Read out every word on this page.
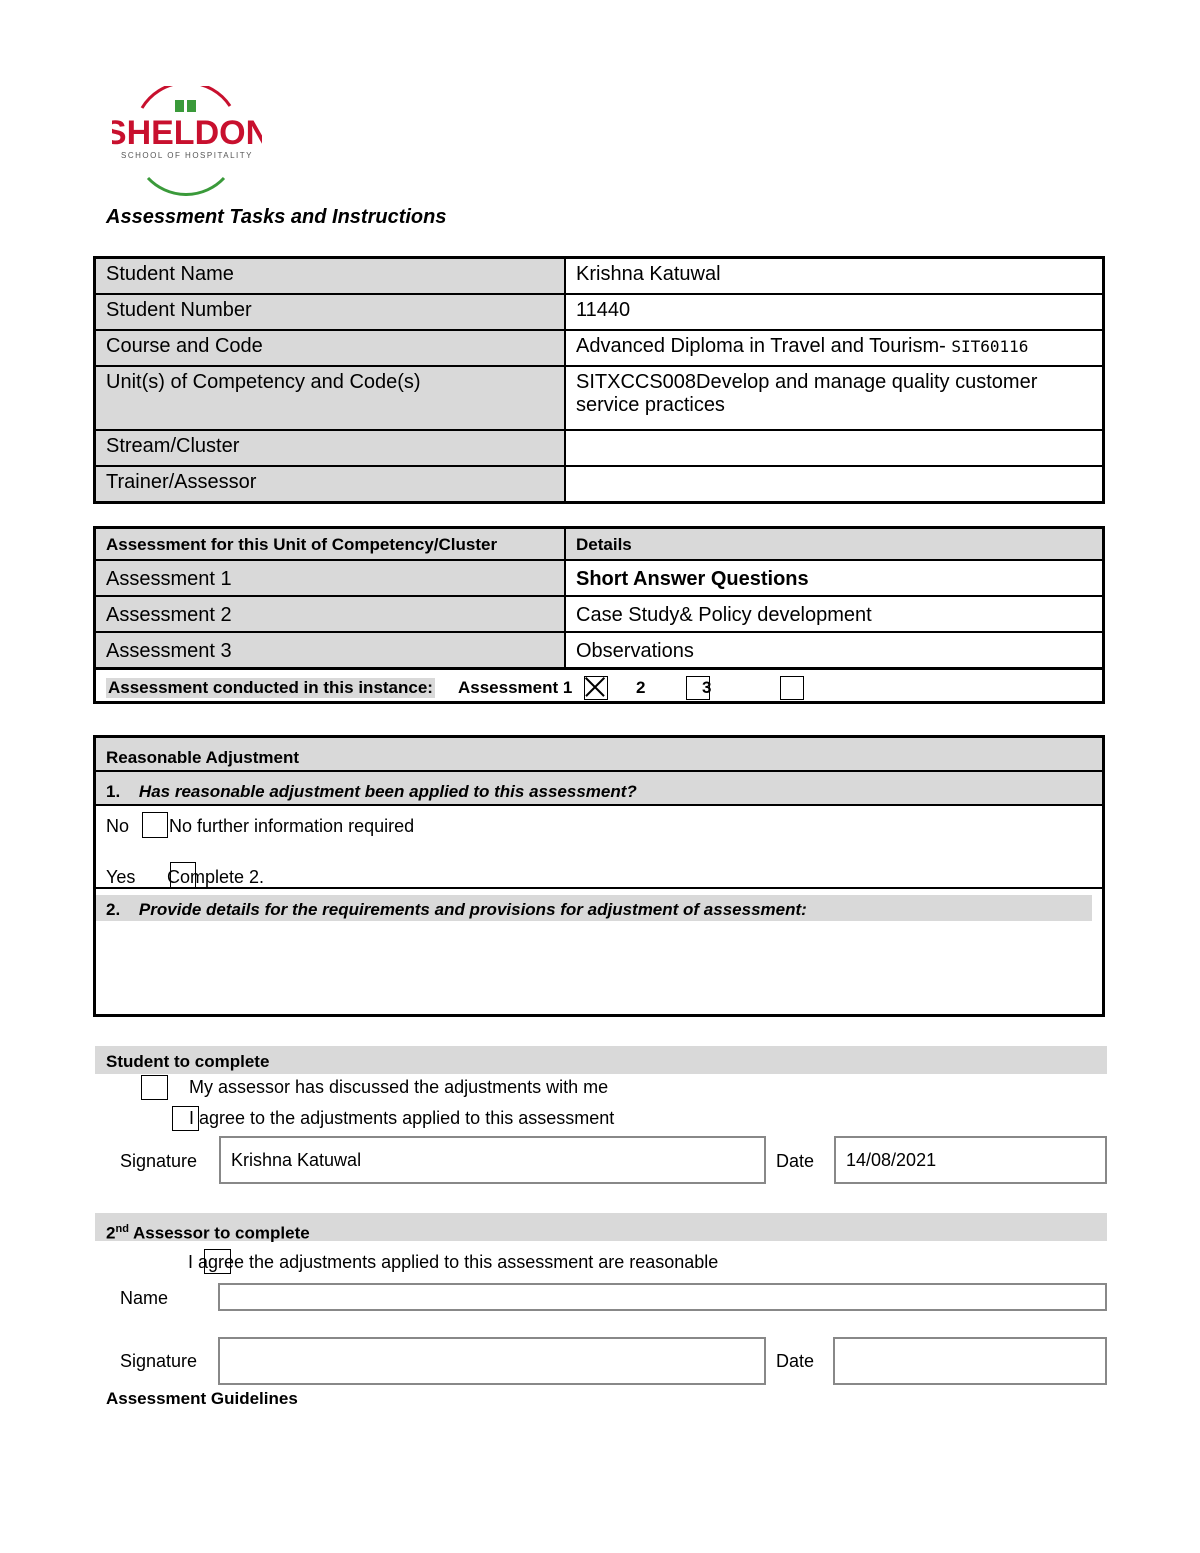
SHELDON
SCHOOL OF HOSPITALITY
Assessment Tasks and Instructions
Student Name	Krishna Katuwal
Student Number	11440
Course and Code	Advanced Diploma in Travel and Tourism- SIT60116
Unit(s) of Competency and Code(s)	SITXCCS008Develop and manage quality customer service practices
Stream/Cluster	
Trainer/Assessor	
Assessment for this Unit of Competency/Cluster	Details
Assessment 1	Short Answer Questions
Assessment 2	Case Study& Policy development
Assessment 3	Observations
Assessment conducted in this instance: Assessment 1
	2
	3
Reasonable Adjustment
1. Has reasonable adjustment been applied to this assessment?
No
No further information required
Yes Complete 2.
2. Provide details for the requirements and provisions for adjustment of assessment:
Student to complete

My assessor has discussed the adjustments with me

I agree to the adjustments applied to this assessment
Signature	Krishna Katuwal	Date	14/08/2021
2nd Assessor to complete
I agree the adjustments applied to this assessment are reasonable
Name
Signature	Date
Assessment Guidelines
